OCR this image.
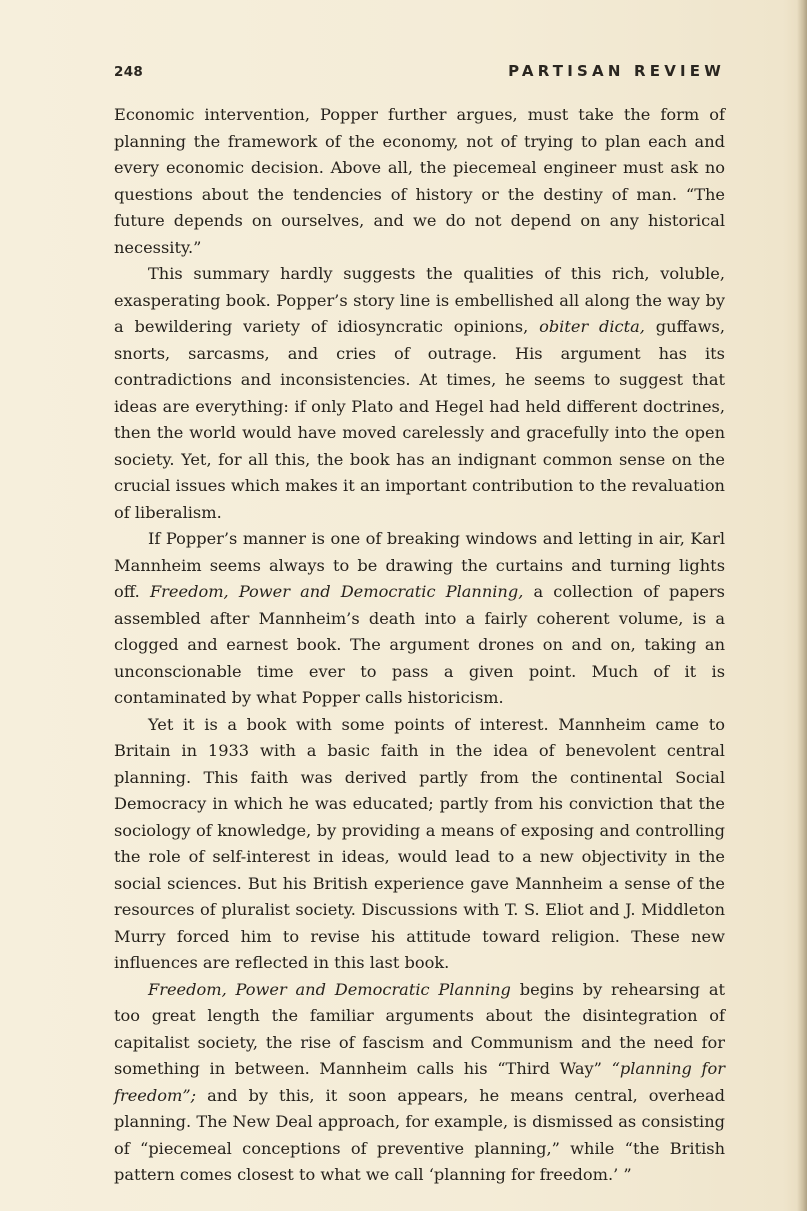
248	PARTISAN REVIEW

Economic intervention, Popper further argues, must take the form of planning the framework of the economy, not of trying to plan each and every economic decision. Above all, the piecemeal engineer must ask no questions about the tendencies of history or the destiny of man. “The future depends on ourselves, and we do not depend on any historical necessity.”

This summary hardly suggests the qualities of this rich, voluble, exasperating book. Popper’s story line is embellished all along the way by a bewildering variety of idiosyncratic opinions, obiter dicta, guffaws, snorts, sarcasms, and cries of outrage. His argument has its contradictions and inconsistencies. At times, he seems to suggest that ideas are everything: if only Plato and Hegel had held different doctrines, then the world would have moved carelessly and gracefully into the open society. Yet, for all this, the book has an indignant common sense on the crucial issues which makes it an important contribution to the revaluation of liberalism.

If Popper’s manner is one of breaking windows and letting in air, Karl Mannheim seems always to be drawing the curtains and turning lights off. Freedom, Power and Democratic Planning, a collection of papers assembled after Mannheim’s death into a fairly coherent volume, is a clogged and earnest book. The argument drones on and on, taking an unconscionable time ever to pass a given point. Much of it is contaminated by what Popper calls historicism.

Yet it is a book with some points of interest. Mannheim came to Britain in 1933 with a basic faith in the idea of benevolent central planning. This faith was derived partly from the continental Social Democracy in which he was educated; partly from his conviction that the sociology of knowledge, by providing a means of exposing and controlling the role of self-interest in ideas, would lead to a new objectivity in the social sciences. But his British experience gave Mannheim a sense of the resources of pluralist society. Discussions with T. S. Eliot and J. Middleton Murry forced him to revise his attitude toward religion. These new influences are reflected in this last book.

Freedom, Power and Democratic Planning begins by rehearsing at too great length the familiar arguments about the disintegration of capitalist society, the rise of fascism and Communism and the need for something in between. Mannheim calls his “Third Way” “planning for freedom”; and by this, it soon appears, he means central, overhead planning. The New Deal approach, for example, is dismissed as consisting of “piecemeal conceptions of preventive planning,” while “the British pattern comes closest to what we call ‘planning for freedom.’ ”
